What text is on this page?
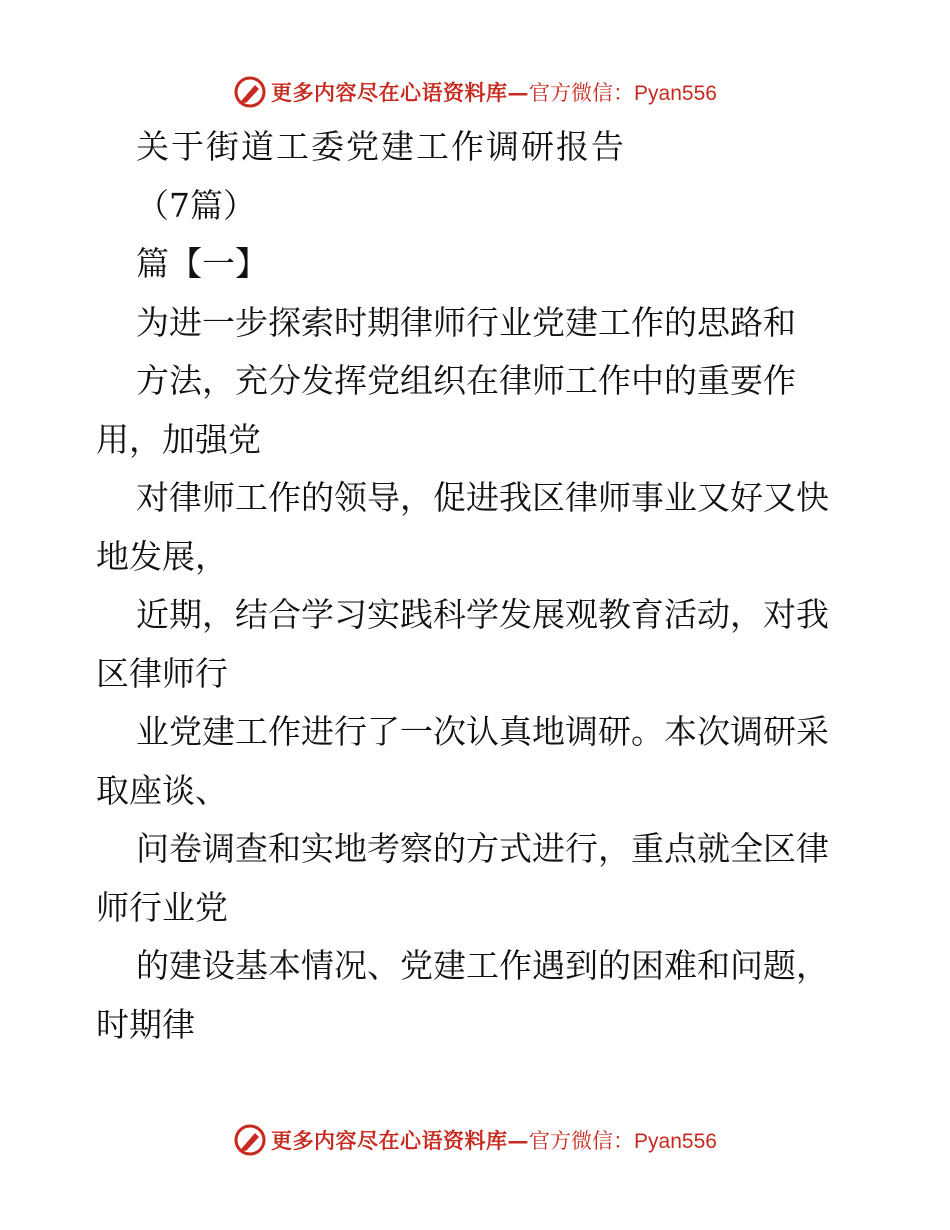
更多内容尽在心语资料库— 官方微信：Pyan556
关于街道工委党建工作调研报告
（7篇）
篇【一】
为进一步探索时期律师行业党建工作的思路和
方法，充分发挥党组织在律师工作中的重要作
用，加强党
对律师工作的领导，促进我区律师事业又好又快
地发展，
近期，结合学习实践科学发展观教育活动，对我
区律师行
业党建工作进行了一次认真地调研。本次调研采
取座谈、
问卷调查和实地考察的方式进行，重点就全区律
师行业党
的建设基本情况、党建工作遇到的困难和问题，
时期律
更多内容尽在心语资料库— 官方微信：Pyan556
